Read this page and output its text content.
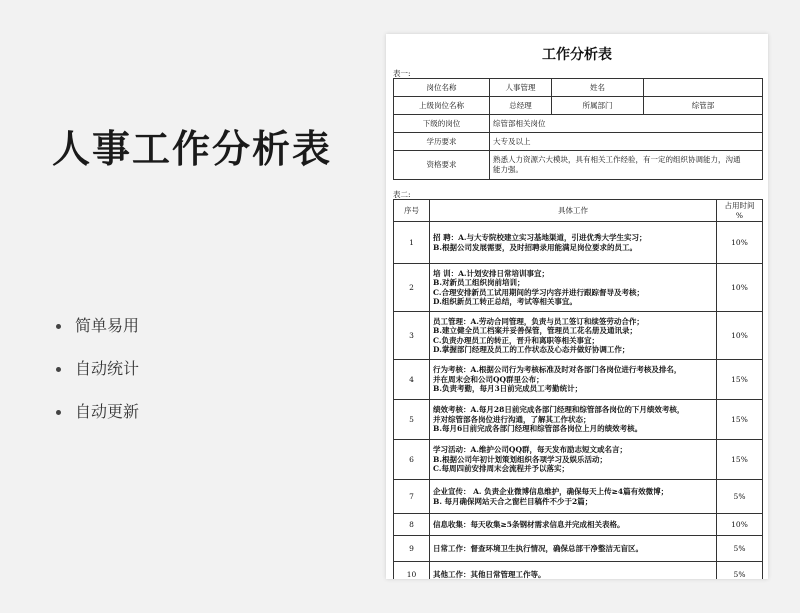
人事工作分析表
简单易用
自动统计
自动更新
工作分析表
表一:
岗位名称	人事管理	姓名	
上级岗位名称	总经理	所属部门	综管部
下级的岗位	综管部相关岗位		
学历要求	大专及以上		
资格要求	熟悉人力资源六大模块，具有相关工作经验，有一定的组织协调能力，沟通
能力强。		
表二:
序号	具体工作	占用时间
%

1	招 聘：A.与大专院校建立实习基地渠道，引进优秀大学生实习；
B.根据公司发展需要，及时招聘录用能满足岗位要求的员工。	10%
2	培 训：A.计划安排日常培训事宜；
B.对新员工组织岗前培训；
C.合理安排新员工试用期间的学习内容并进行跟踪督导及考核；
D.组织新员工转正总结，考试等相关事宜。	10%
3	员工管理：A.劳动合同管理，负责与员工签订和续签劳动合作；
B.建立健全员工档案并妥善保管，管理员工花名册及通讯录；
C.负责办理员工的转正，晋升和离职等相关事宜；
D.掌握部门经理及员工的工作状态及心态并做好协调工作；	10%
4	行为考核：A.根据公司行为考核标准及时对各部门各岗位进行考核及排名，
并在周末会和公司QQ群里公布；
B.负责考勤，每月3日前完成员工考勤统计；	15%
5	绩效考核：A.每月28日前完成各部门经理和综管部各岗位的下月绩效考核，
并对综管部各岗位进行沟通，了解其工作状态；
B.每月6日前完成各部门经理和综管部各岗位上月的绩效考核。	15%
6	学习活动：A.维护公司QQ群，每天发布励志短文或名言；
B.根据公司年初计划策划组织各项学习及娱乐活动；
C.每周四前安排周末会流程并予以落实；	15%
7	企业宣传： A. 负责企业微博信息维护，确保每天上传≥4篇有效微博；
B. 每月确保网站天合之窗栏目稿件不少于2篇；	5%
8	信息收集：每天收集≥5条钢材需求信息并完成相关表格。	10%
9	日常工作：督查环境卫生执行情况，确保总部干净整洁无盲区。	5%
10	其他工作：其他日常管理工作等。	5%
